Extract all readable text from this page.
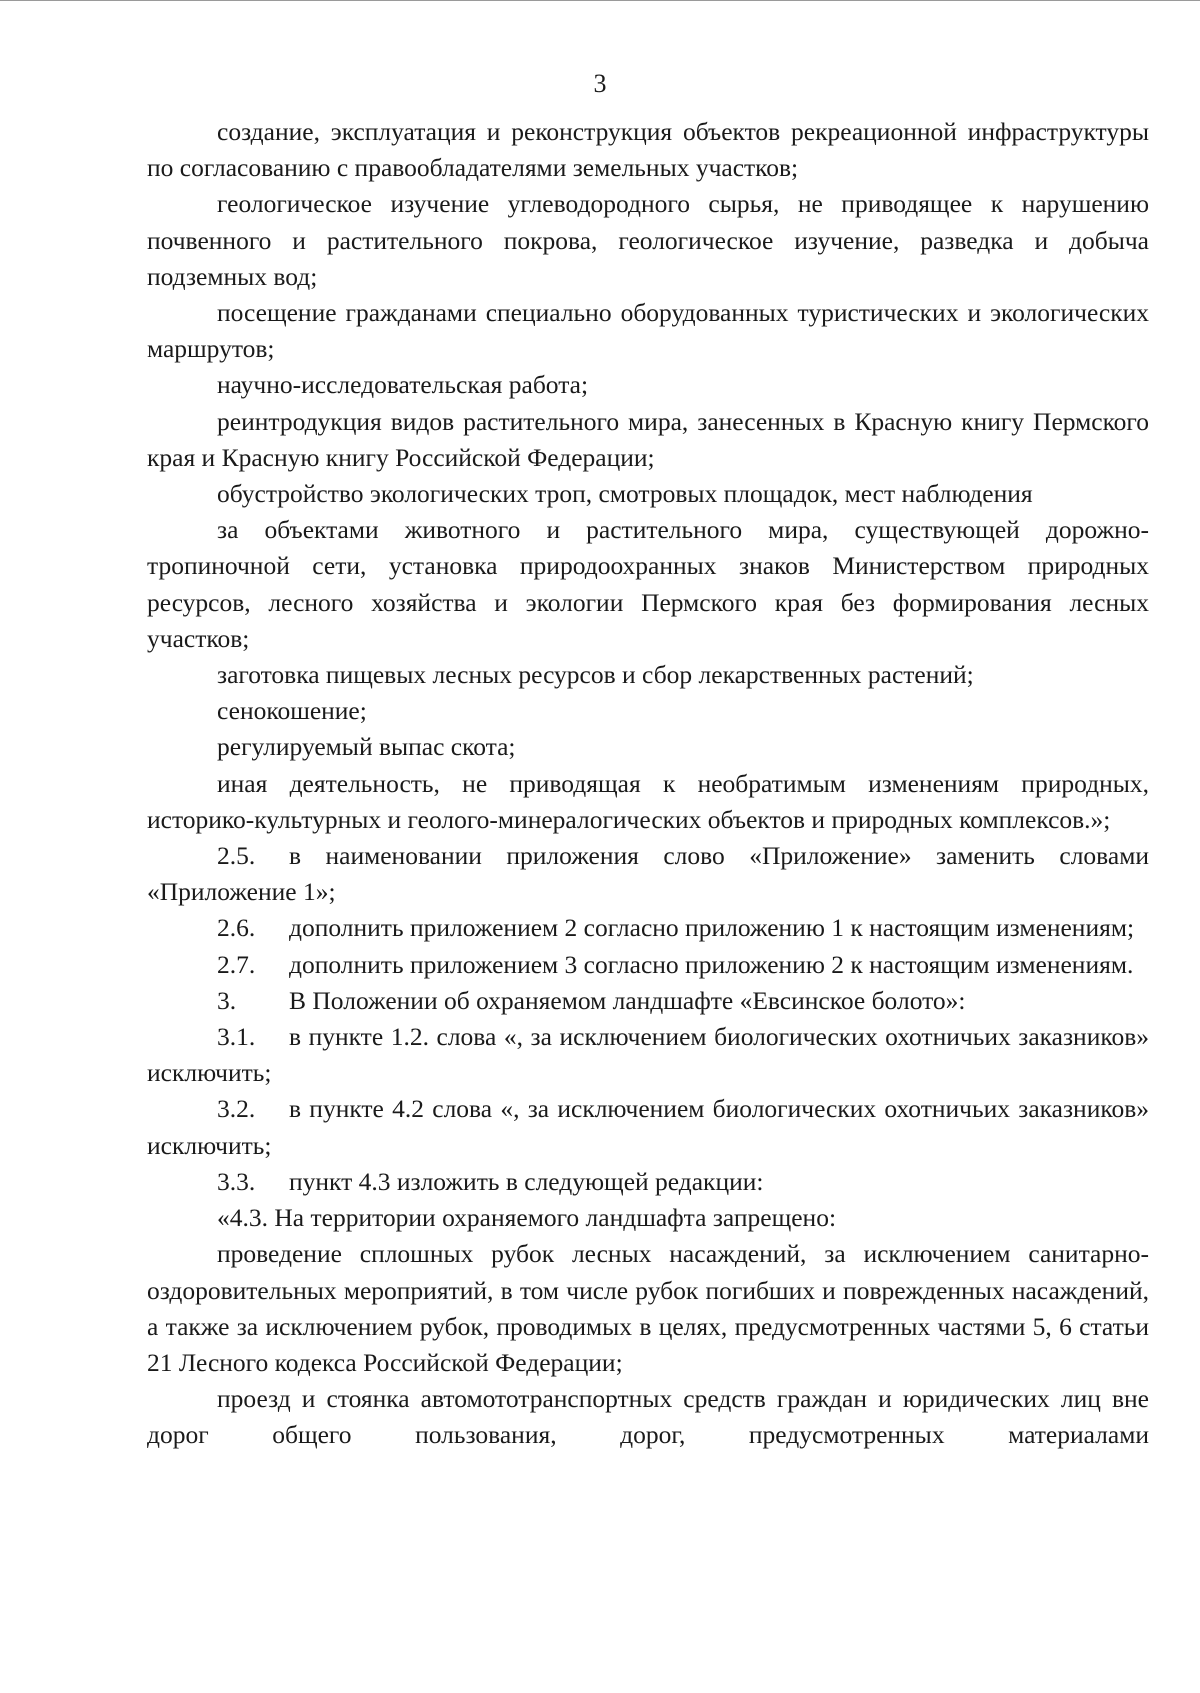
3

создание, эксплуатация и реконструкция объектов рекреационной инфраструктуры по согласованию с правообладателями земельных участков;

геологическое изучение углеводородного сырья, не приводящее к нарушению почвенного и растительного покрова, геологическое изучение, разведка и добыча подземных вод;

посещение гражданами специально оборудованных туристических и экологических маршрутов;

научно-исследовательская работа;

реинтродукция видов растительного мира, занесенных в Красную книгу Пермского края и Красную книгу Российской Федерации;

обустройство экологических троп, смотровых площадок, мест наблюдения

за объектами животного и растительного мира, существующей дорожно-тропиночной сети, установка природоохранных знаков Министерством природных ресурсов, лесного хозяйства и экологии Пермского края без формирования лесных участков;

заготовка пищевых лесных ресурсов и сбор лекарственных растений;

сенокошение;

регулируемый выпас скота;

иная деятельность, не приводящая к необратимым изменениям природных, историко-культурных и геолого-минералогических объектов и природных комплексов.»;

2.5. в наименовании приложения слово «Приложение» заменить словами «Приложение 1»;

2.6. дополнить приложением 2 согласно приложению 1 к настоящим изменениям;

2.7. дополнить приложением 3 согласно приложению 2 к настоящим изменениям.

3. В Положении об охраняемом ландшафте «Евсинское болото»:

3.1. в пункте 1.2. слова «, за исключением биологических охотничьих заказников» исключить;

3.2. в пункте 4.2 слова «, за исключением биологических охотничьих заказников» исключить;

3.3. пункт 4.3 изложить в следующей редакции:

«4.3. На территории охраняемого ландшафта запрещено:

проведение сплошных рубок лесных насаждений, за исключением санитарно-оздоровительных мероприятий, в том числе рубок погибших и поврежденных насаждений, а также за исключением рубок, проводимых в целях, предусмотренных частями 5, 6 статьи 21 Лесного кодекса Российской Федерации;

проезд и стоянка автомототранспортных средств граждан и юридических лиц вне дорог общего пользования, дорог, предусмотренных материалами
